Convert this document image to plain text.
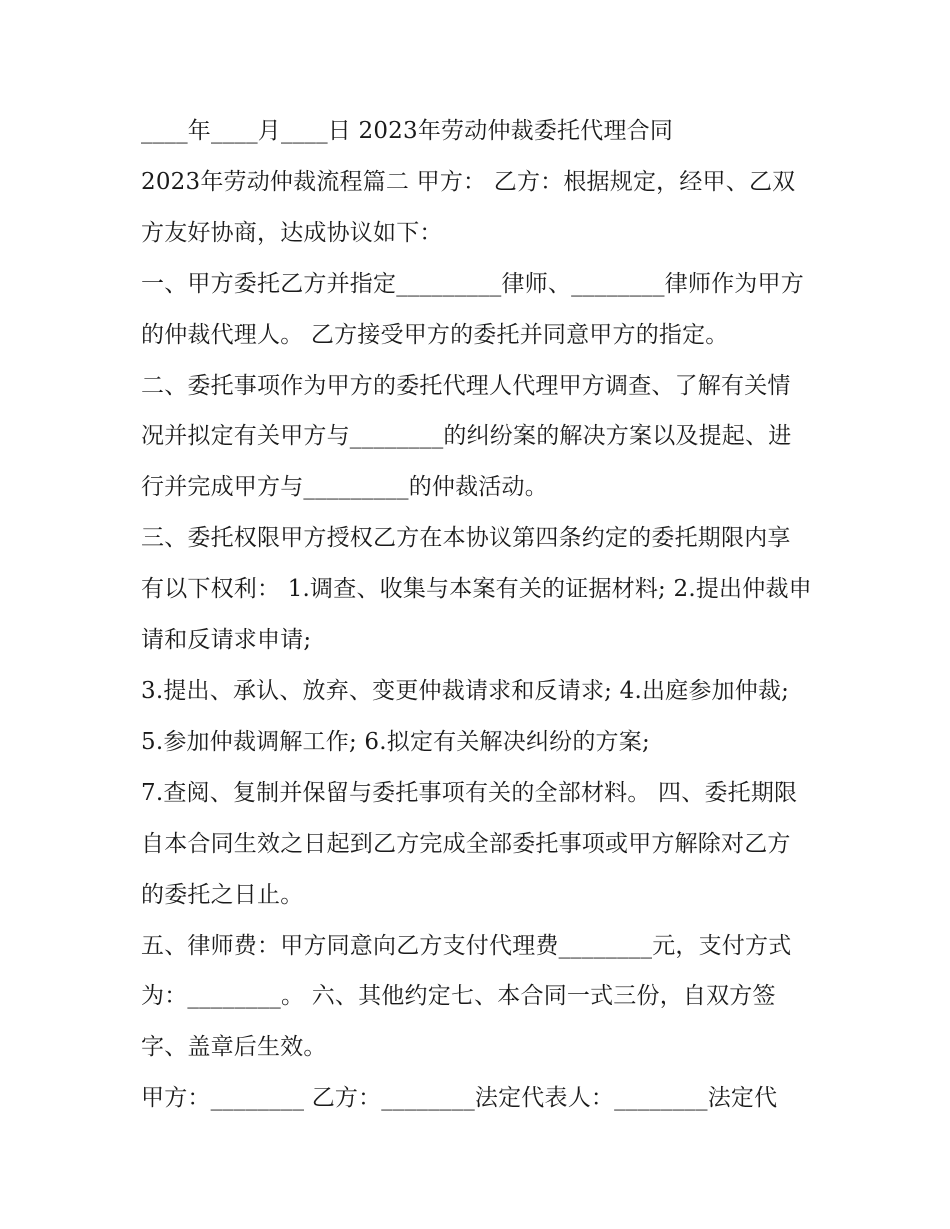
____年____月____日 2023年劳动仲裁委托代理合同

2023年劳动仲裁流程篇二 甲方： 乙方：根据规定，经甲、乙双方友好协商，达成协议如下：

一、甲方委托乙方并指定_________律师、________律师作为甲方的仲裁代理人。 乙方接受甲方的委托并同意甲方的指定。

二、委托事项作为甲方的委托代理人代理甲方调查、了解有关情况并拟定有关甲方与________的纠纷案的解决方案以及提起、进行并完成甲方与_________的仲裁活动。

三、委托权限甲方授权乙方在本协议第四条约定的委托期限内享有以下权利： 1.调查、收集与本案有关的证据材料; 2.提出仲裁申请和反请求申请;

3.提出、承认、放弃、变更仲裁请求和反请求; 4.出庭参加仲裁; 5.参加仲裁调解工作; 6.拟定有关解决纠纷的方案;

7.查阅、复制并保留与委托事项有关的全部材料。 四、委托期限自本合同生效之日起到乙方完成全部委托事项或甲方解除对乙方的委托之日止。

五、律师费：甲方同意向乙方支付代理费________元，支付方式为：________。 六、其他约定七、本合同一式三份，自双方签字、盖章后生效。

甲方：________ 乙方：________法定代表人：________法定代
